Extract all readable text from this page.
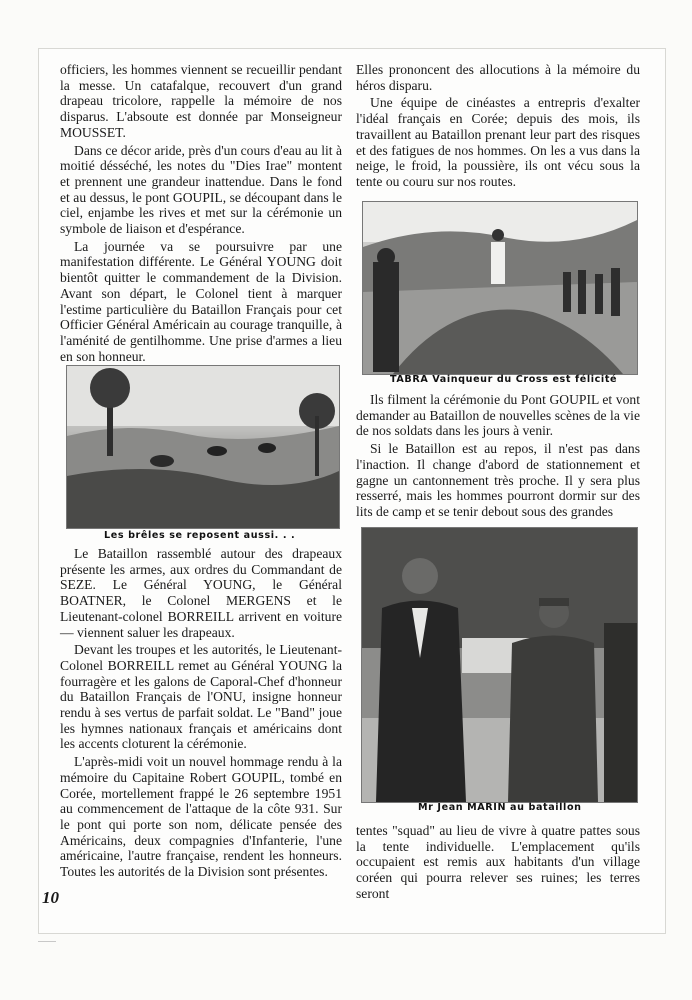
officiers, les hommes viennent se recueillir pendant la messe. Un catafalque, recouvert d'un grand drapeau tricolore, rappelle la mémoire de nos disparus. L'absoute est donnée par Monseigneur MOUSSET.

Dans ce décor aride, près d'un cours d'eau au lit à moitié désséché, les notes du "Dies Irae" montent et prennent une grandeur inattendue. Dans le fond et au dessus, le pont GOUPIL, se découpant dans le ciel, enjambe les rives et met sur la cérémonie un symbole de liaison et d'espérance.

La journée va se poursuivre par une manifestation différente. Le Général YOUNG doit bientôt quitter le commandement de la Division. Avant son départ, le Colonel tient à marquer l'estime particulière du Bataillon Français pour cet Officier Général Américain au courage tranquille, à l'aménité de gentilhomme. Une prise d'armes a lieu en son honneur.

Les brêles se reposent aussi. . .

Le Bataillon rassemblé autour des drapeaux présente les armes, aux ordres du Commandant de SEZE. Le Général YOUNG, le Général BOATNER, le Colonel MERGENS et le Lieutenant-colonel BORREILL arrivent en voiture — viennent saluer les drapeaux.

Devant les troupes et les autorités, le Lieutenant-Colonel BORREILL remet au Général YOUNG la fourragère et les galons de Caporal-Chef d'honneur du Bataillon Français de l'ONU, insigne honneur rendu à ses vertus de parfait soldat. Le "Band" joue les hymnes nationaux français et américains dont les accents cloturent la cérémonie.

L'après-midi voit un nouvel hommage rendu à la mémoire du Capitaine Robert GOUPIL, tombé en Corée, mortellement frappé le 26 septembre 1951 au commencement de l'attaque de la côte 931. Sur le pont qui porte son nom, délicate pensée des Américains, deux compagnies d'Infanterie, l'une américaine, l'autre française, rendent les honneurs. Toutes les autorités de la Division sont présentes.

Elles prononcent des allocutions à la mémoire du héros disparu.

Une équipe de cinéastes a entrepris d'exalter l'idéal français en Corée; depuis des mois, ils travaillent au Bataillon prenant leur part des risques et des fatigues de nos hommes. On les a vus dans la neige, le froid, la poussière, ils ont vécu sous la tente ou couru sur nos routes.

TABRA Vainqueur du Cross est félicité

Ils filment la cérémonie du Pont GOUPIL et vont demander au Bataillon de nouvelles scènes de la vie de nos soldats dans les jours à venir.

Si le Bataillon est au repos, il n'est pas dans l'inaction. Il change d'abord de stationnement et gagne un cantonnement très proche. Il y sera plus resserré, mais les hommes pourront dormir sur des lits de camp et se tenir debout sous des grandes

Mr Jean MARIN au bataillon

tentes "squad" au lieu de vivre à quatre pattes sous la tente individuelle. L'emplacement qu'ils occupaient est remis aux habitants d'un village coréen qui pourra relever ses ruines; les terres seront

10
